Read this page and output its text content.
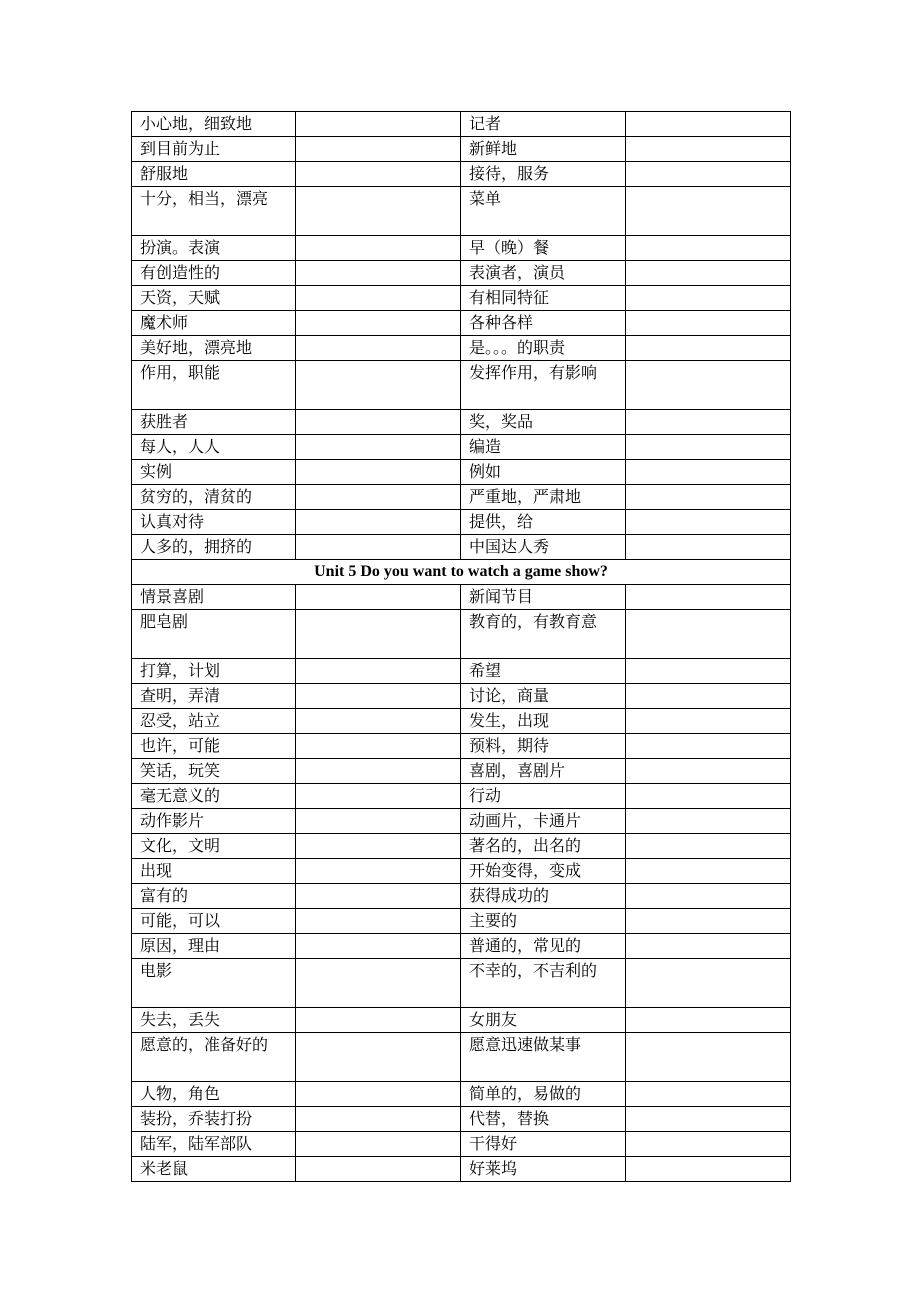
小心地，细致地		记者	
到目前为止		新鲜地	
舒服地		接待，服务	
十分，相当，漂亮		菜单	
扮演。表演		早（晚）餐	
有创造性的		表演者，演员	
天资，天赋		有相同特征	
魔术师		各种各样	
美好地，漂亮地		是。。。的职责	
作用，职能		发挥作用，有影响	
获胜者		奖，奖品	
每人，人人		编造	
实例		例如	
贫穷的，清贫的		严重地，严肃地	
认真对待		提供，给	
人多的，拥挤的		中国达人秀	
Unit 5 Do you want to watch a game show?			
情景喜剧		新闻节目	
肥皂剧		教育的，有教育意	
打算，计划		希望	
查明，弄清		讨论，商量	
忍受，站立		发生，出现	
也许，可能		预料，期待	
笑话，玩笑		喜剧，喜剧片	
毫无意义的		行动	
动作影片		动画片，卡通片	
文化，文明		著名的，出名的	
出现		开始变得，变成	
富有的		获得成功的	
可能，可以		主要的	
原因，理由		普通的，常见的	
电影		不幸的，不吉利的	
失去，丢失		女朋友	
愿意的，准备好的		愿意迅速做某事	
人物，角色		简单的，易做的	
装扮，乔装打扮		代替，替换	
陆军，陆军部队		干得好	
米老鼠		好莱坞	
